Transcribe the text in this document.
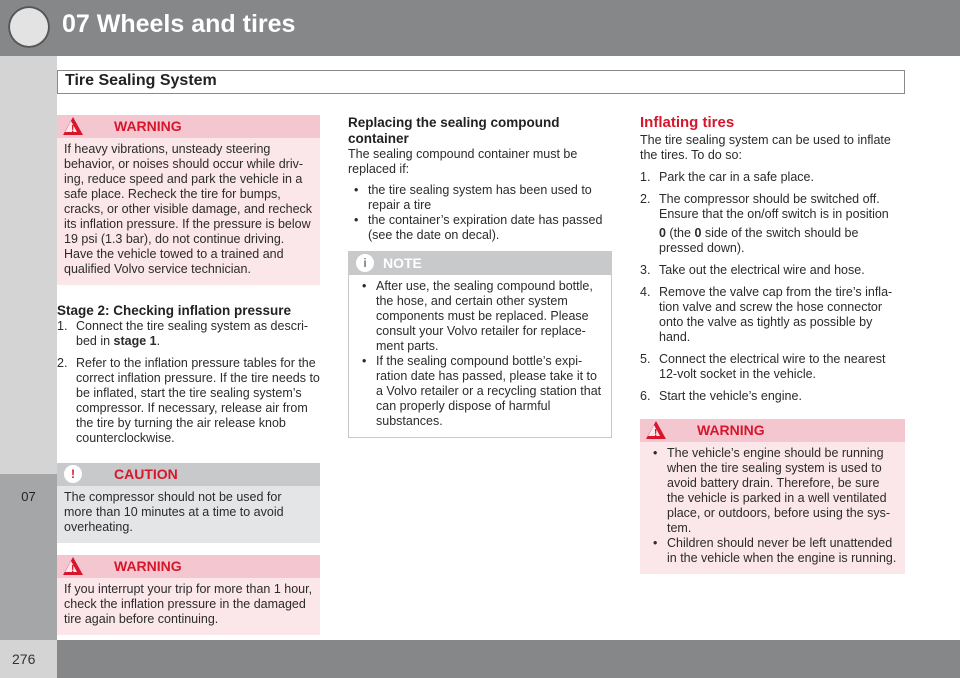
07 Wheels and tires
Tire Sealing System
07
276
!	WARNING

If heavy vibrations, unsteady steering behavior, or noises should occur while driv-ing, reduce speed and park the vehicle in a safe place. Recheck the tire for bumps, cracks, or other visible damage, and recheck its inflation pressure. If the pressure is below 19 psi (1.3 bar), do not continue driving. Have the vehicle towed to a trained and qualified Volvo service technician.

Stage 2: Checking inflation pressure
1. Connect the tire sealing system as descri-bed in stage 1.
2. Refer to the inflation pressure tables for the correct inflation pressure. If the tire needs to be inflated, start the tire sealing system’s compressor. If necessary, release air from the tire by turning the air release knob counterclockwise.
!	CAUTION

The compressor should not be used for more than 10 minutes at a time to avoid overheating.

!	WARNING

If you interrupt your trip for more than 1 hour, check the inflation pressure in the damaged tire again before continuing.

Replacing the sealing compound container

The sealing compound container must be replaced if:

• the tire sealing system has been used to repair a tire

• the container’s expiration date has passed (see the date on decal).

i	NOTE

• After use, the sealing compound bottle, the hose, and certain other system components must be replaced. Please consult your Volvo retailer for replace-ment parts.

• If the sealing compound bottle’s expi-ration date has passed, please take it to a Volvo retailer or a recycling station that can properly dispose of harmful substances.

Inflating tires

The tire sealing system can be used to inflate the tires. To do so:

1. Park the car in a safe place.
2. The compressor should be switched off. Ensure that the on/off switch is in position
0 (the 0 side of the switch should be pressed down).
3. Take out the electrical wire and hose.
4. Remove the valve cap from the tire’s infla-tion valve and screw the hose connector onto the valve as tightly as possible by hand.
5. Connect the electrical wire to the nearest 12-volt socket in the vehicle.
6. Start the vehicle’s engine.
!	WARNING

• The vehicle’s engine should be running when the tire sealing system is used to avoid battery drain. Therefore, be sure the vehicle is parked in a well ventilated place, or outdoors, before using the sys-tem.

• Children should never be left unattended in the vehicle when the engine is running.
